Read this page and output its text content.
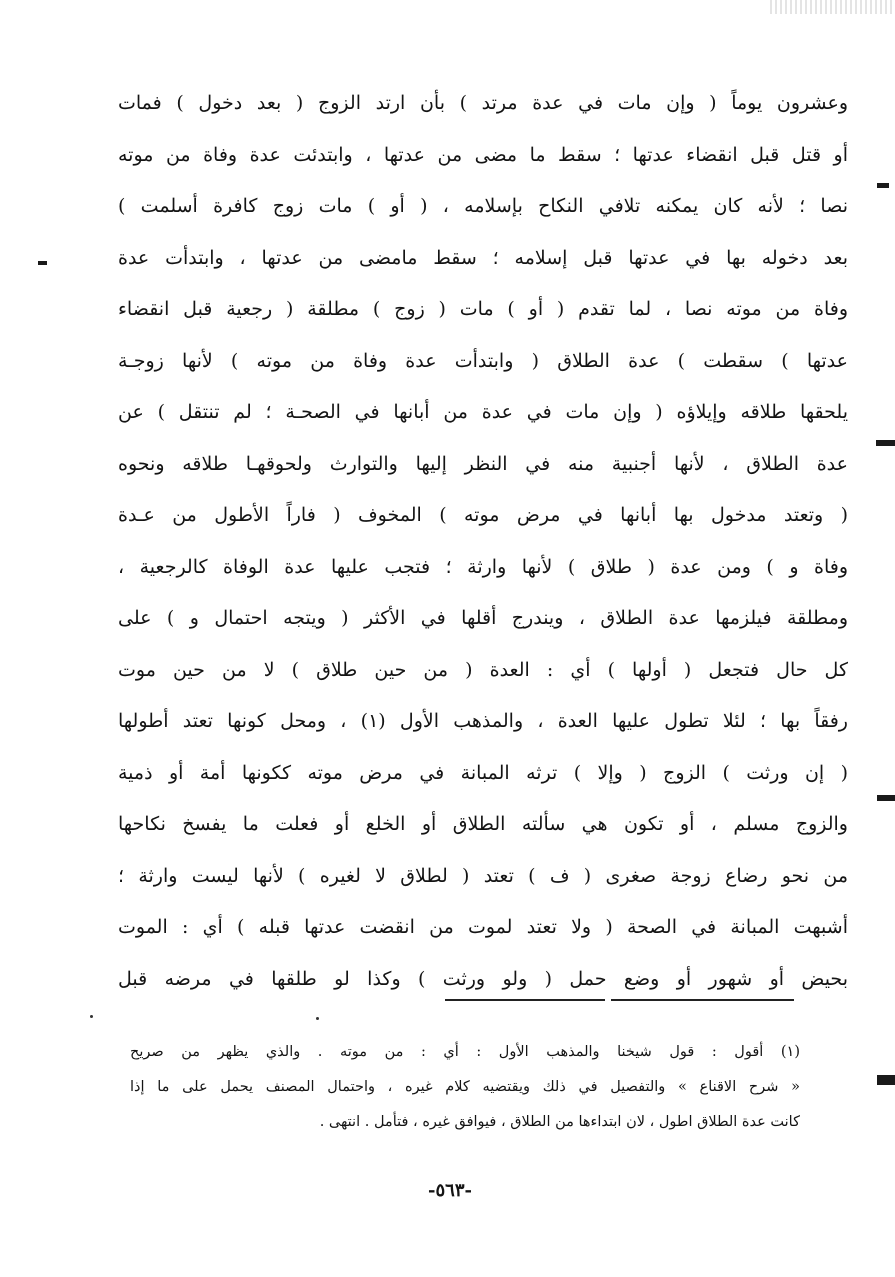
وعشرون يوماً ( وإن مات في عدة مرتد ) بأن ارتد الزوج ( بعد دخول ) فمات
أو قتل قبل انقضاء عدتها ؛ سقط ما مضى من عدتها ، وابتدئت عدة وفاة من موته
نصا ؛ لأنه كان يمكنه تلافي النكاح بإسلامه ، ( أو ) مات زوج كافرة أسلمت )
بعد دخوله بها في عدتها قبل إسلامه ؛ سقط مامضى من عدتها ، وابتدأت عدة
وفاة من موته نصا ، لما تقدم ( أو ) مات ( زوج ) مطلقة ( رجعية قبل انقضاء
عدتها ) سقطت ) عدة الطلاق ( وابتدأت عدة وفاة من موته ) لأنها زوجـة
يلحقها طلاقه وإيلاؤه ( وإن مات في عدة من أبانها في الصحـة ؛ لم تنتقل ) عن
عدة الطلاق ، لأنها أجنبية منه في النظر إليها والتوارث ولحوقهـا طلاقه ونحوه
( وتعتد مدخول بها أبانها في مرض موته ) المخوف ( فاراً الأطول من عـدة
وفاة و ) ومن عدة ( طلاق ) لأنها وارثة ؛ فتجب عليها عدة الوفاة كالرجعية ،
ومطلقة فيلزمها عدة الطلاق ، ويندرج أقلها في الأكثر ( ويتجه احتمال و ) على
كل حال فتجعل ( أولها ) أي : العدة ( من حين طلاق ) لا من حين موت
رفقاً بها ؛ لئلا تطول عليها العدة ، والمذهب الأول (١) ، ومحل كونها تعتد أطولها
( إن ورثت ) الزوج ( وإلا ) ترثه المبانة في مرض موته ككونها أمة أو ذمية
والزوج مسلم ، أو تكون هي سألته الطلاق أو الخلع أو فعلت ما يفسخ نكاحها
من نحو رضاع زوجة صغرى ( ف ) تعتد ( لطلاق لا لغيره ) لأنها ليست وارثة ؛
أشبهت المبانة في الصحة ( ولا تعتد لموت من انقضت عدتها قبله ) أي : الموت
بحيض أو شهور أو وضع حمل ( ولو ورثت ) وكذا لو طلقها في مرضه قبل
(١) أقول : قول شيخنا والمذهب الأول : أي : من موته . والذي يظهر من صريح
« شرح الاقناع » والتفصيل في ذلك ويقتضيه كلام غيره ، واحتمال المصنف يحمل على ما إذا
كانت عدة الطلاق اطول ، لان ابتداءها من الطلاق ، فيوافق غيره ، فتأمل . انتهى .
-٥٦٣-
